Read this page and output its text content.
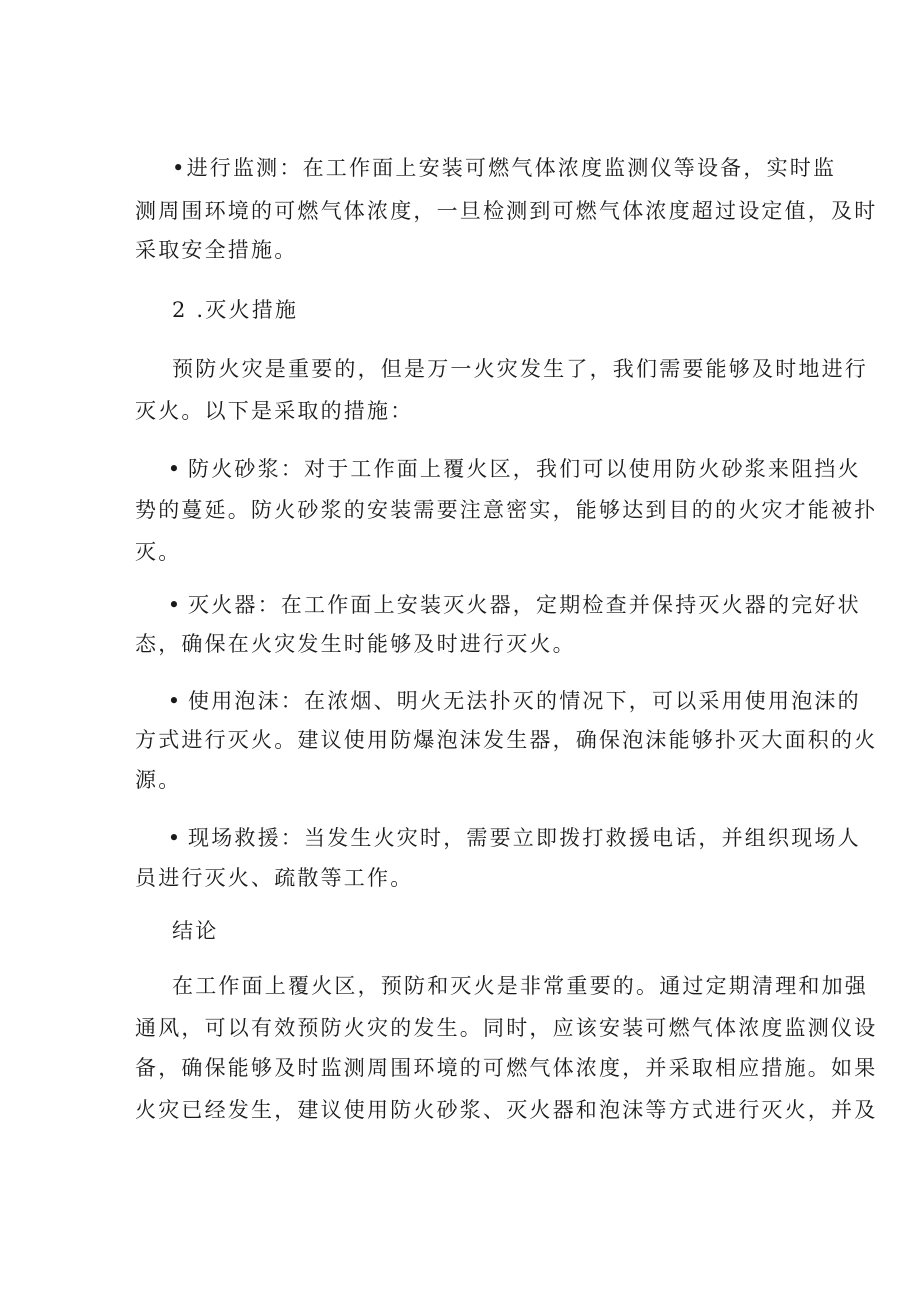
•进行监测：在工作面上安装可燃气体浓度监测仪等设备，实时监
测周围环境的可燃气体浓度，一旦检测到可燃气体浓度超过设定值，及时
采取安全措施。
2 .灭火措施
预防火灾是重要的，但是万一火灾发生了，我们需要能够及时地进行
灭火。以下是采取的措施：
• 防火砂浆：对于工作面上覆火区，我们可以使用防火砂浆来阻挡火
势的蔓延。防火砂浆的安装需要注意密实，能够达到目的的火灾才能被扑
灭。
• 灭火器：在工作面上安装灭火器，定期检查并保持灭火器的完好状
态，确保在火灾发生时能够及时进行灭火。
• 使用泡沫：在浓烟、明火无法扑灭的情况下，可以采用使用泡沫的
方式进行灭火。建议使用防爆泡沫发生器，确保泡沫能够扑灭大面积的火
源。
• 现场救援：当发生火灾时，需要立即拨打救援电话，并组织现场人
员进行灭火、疏散等工作。
结论
在工作面上覆火区，预防和灭火是非常重要的。通过定期清理和加强
通风，可以有效预防火灾的发生。同时，应该安装可燃气体浓度监测仪设
备，确保能够及时监测周围环境的可燃气体浓度，并采取相应措施。如果
火灾已经发生，建议使用防火砂浆、灭火器和泡沫等方式进行灭火，并及
